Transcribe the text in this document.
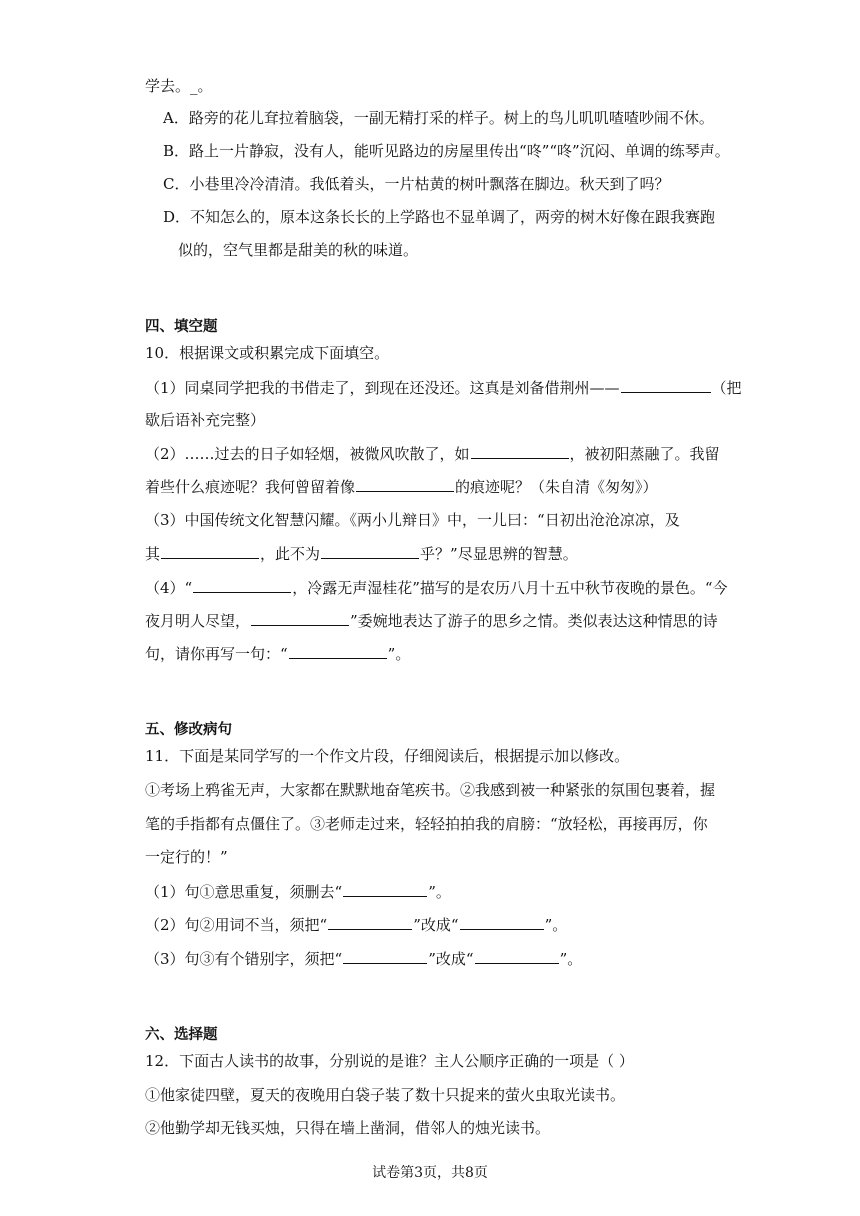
学去。_。
A．路旁的花儿耷拉着脑袋，一副无精打采的样子。树上的鸟儿叽叽喳喳吵闹不休。
B．路上一片静寂，没有人，能听见路边的房屋里传出“咚”“咚”沉闷、单调的练琴声。
C．小巷里冷冷清清。我低着头，一片枯黄的树叶飘落在脚边。秋天到了吗？
D．不知怎么的，原本这条长长的上学路也不显单调了，两旁的树木好像在跟我赛跑
似的，空气里都是甜美的秋的味道。
四、填空题
10．根据课文或积累完成下面填空。
（1）同桌同学把我的书借走了，到现在还没还。这真是刘备借荆州——	（把
歇后语补充完整）
（2）……过去的日子如轻烟，被微风吹散了，如	，被初阳蒸融了。我留
着些什么痕迹呢？我何曾留着像	的痕迹呢？（朱自清《匆匆》）
（3）中国传统文化智慧闪耀。《两小儿辩日》中，一儿曰：“日初出沧沧凉凉，及
其	，此不为	乎？”尽显思辨的智慧。
（4）“	，冷露无声湿桂花”描写的是农历八月十五中秋节夜晚的景色。“今
夜月明人尽望，	”委婉地表达了游子的思乡之情。类似表达这种情思的诗
句，请你再写一句：“	”。
五、修改病句
11．下面是某同学写的一个作文片段，仔细阅读后，根据提示加以修改。
①考场上鸦雀无声，大家都在默默地奋笔疾书。②我感到被一种紧张的氛围包裹着，握
笔的手指都有点僵住了。③老师走过来，轻轻拍拍我的肩膀：“放轻松，再接再厉，你
一定行的！”
（1）句①意思重复，须删去“	”。
（2）句②用词不当，须把“	”改成“	”。
（3）句③有个错别字，须把“	”改成“	”。
六、选择题
12．下面古人读书的故事，分别说的是谁？主人公顺序正确的一项是（ ）
①他家徒四壁，夏天的夜晚用白袋子装了数十只捉来的萤火虫取光读书。
②他勤学却无钱买烛，只得在墙上凿洞，借邻人的烛光读书。
试卷第3页，共8页
